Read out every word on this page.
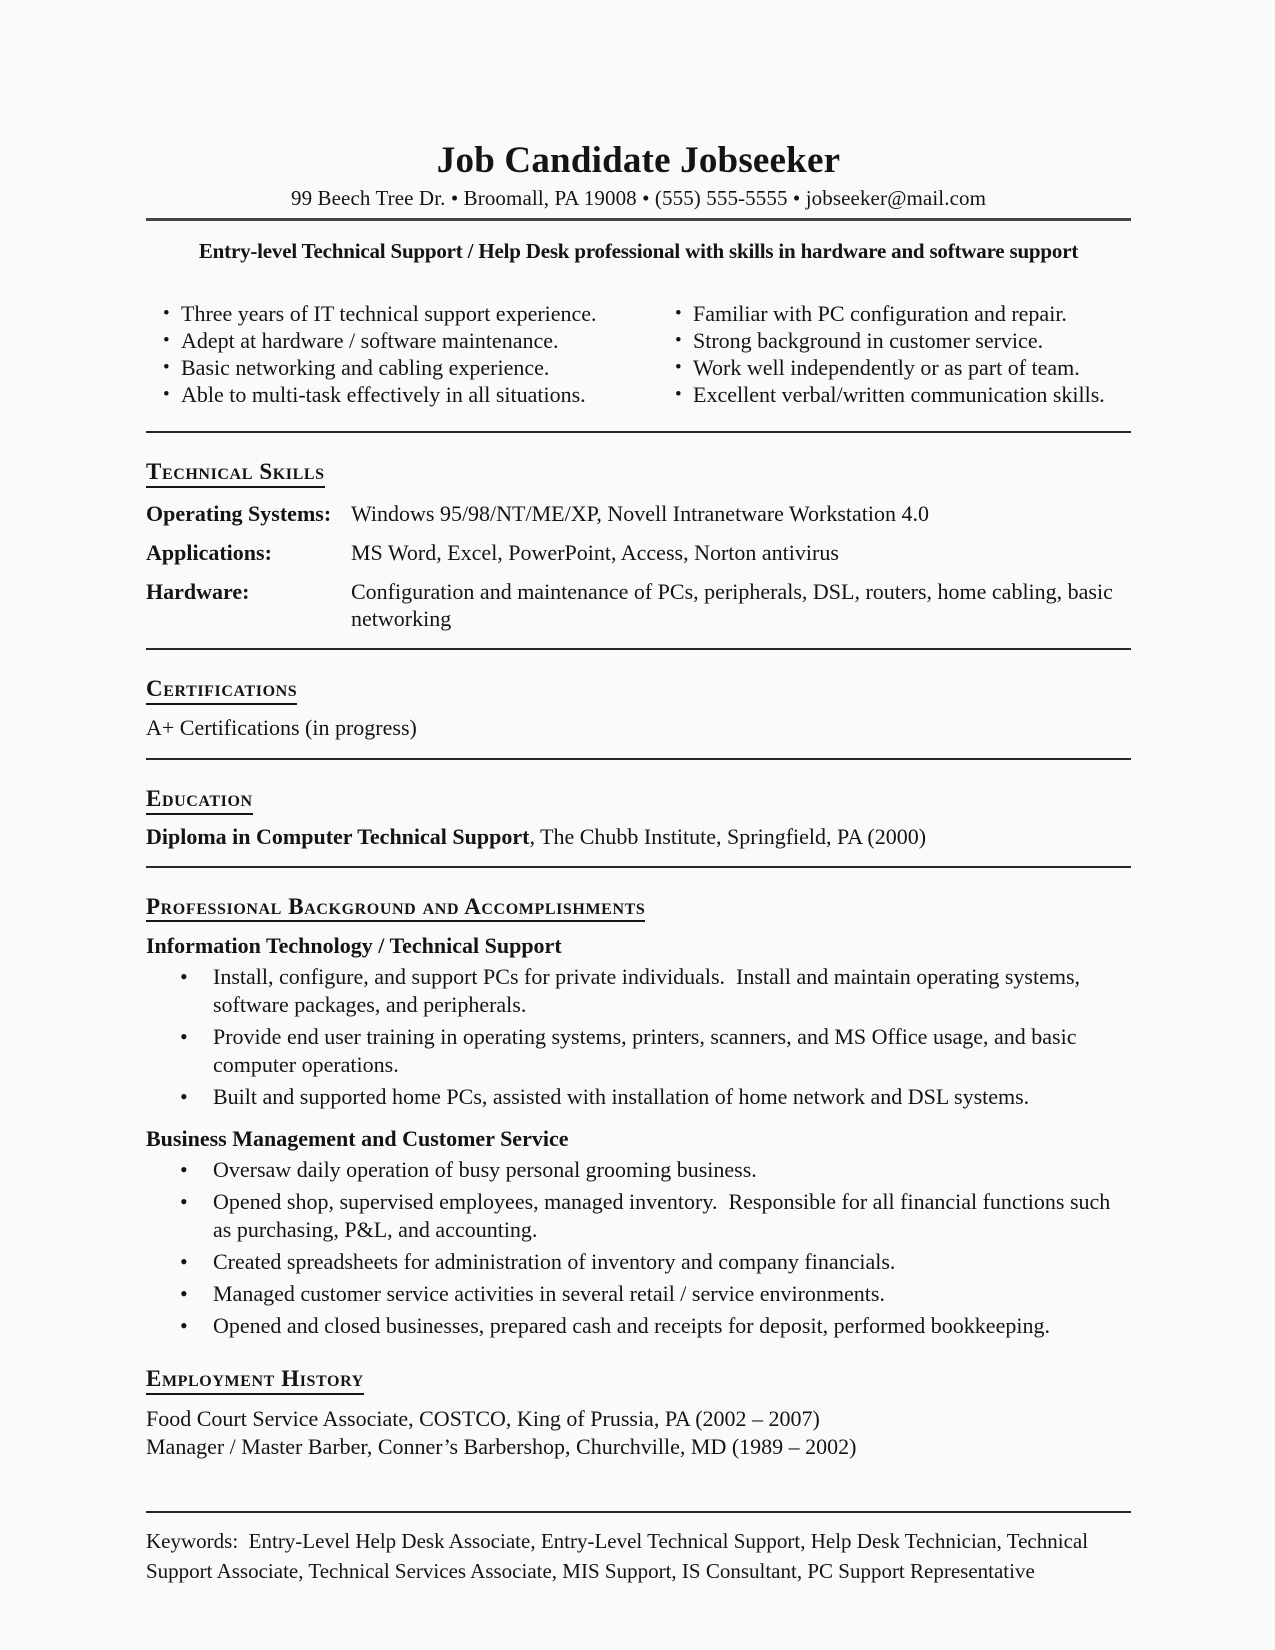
Job Candidate Jobseeker
99 Beech Tree Dr. • Broomall, PA 19008 • (555) 555-5555 • jobseeker@mail.com
Entry-level Technical Support / Help Desk professional with skills in hardware and software support
• Three years of IT technical support experience.
• Adept at hardware / software maintenance.
• Basic networking and cabling experience.
• Able to multi-task effectively in all situations.
• Familiar with PC configuration and repair.
• Strong background in customer service.
• Work well independently or as part of team.
• Excellent verbal/written communication skills.
Technical Skills
Operating Systems: Windows 95/98/NT/ME/XP, Novell Intranetware Workstation 4.0
Applications:	MS Word, Excel, PowerPoint, Access, Norton antivirus
Hardware:	Configuration and maintenance of PCs, peripherals, DSL, routers, home cabling, basic networking
Certifications
A+ Certifications (in progress)
Education
Diploma in Computer Technical Support, The Chubb Institute, Springfield, PA (2000)
Professional Background and Accomplishments
Information Technology / Technical Support
• Install, configure, and support PCs for private individuals.  Install and maintain operating systems, software packages, and peripherals.
• Provide end user training in operating systems, printers, scanners, and MS Office usage, and basic computer operations.
• Built and supported home PCs, assisted with installation of home network and DSL systems.
Business Management and Customer Service
• Oversaw daily operation of busy personal grooming business.
• Opened shop, supervised employees, managed inventory.  Responsible for all financial functions such as purchasing, P&L, and accounting.
• Created spreadsheets for administration of inventory and company financials.
• Managed customer service activities in several retail / service environments.
• Opened and closed businesses, prepared cash and receipts for deposit, performed bookkeeping.
Employment History
Food Court Service Associate, COSTCO, King of Prussia, PA (2002 – 2007)
Manager / Master Barber, Conner’s Barbershop, Churchville, MD (1989 – 2002)
Keywords:  Entry-Level Help Desk Associate, Entry-Level Technical Support, Help Desk Technician, Technical Support Associate, Technical Services Associate, MIS Support, IS Consultant, PC Support Representative
